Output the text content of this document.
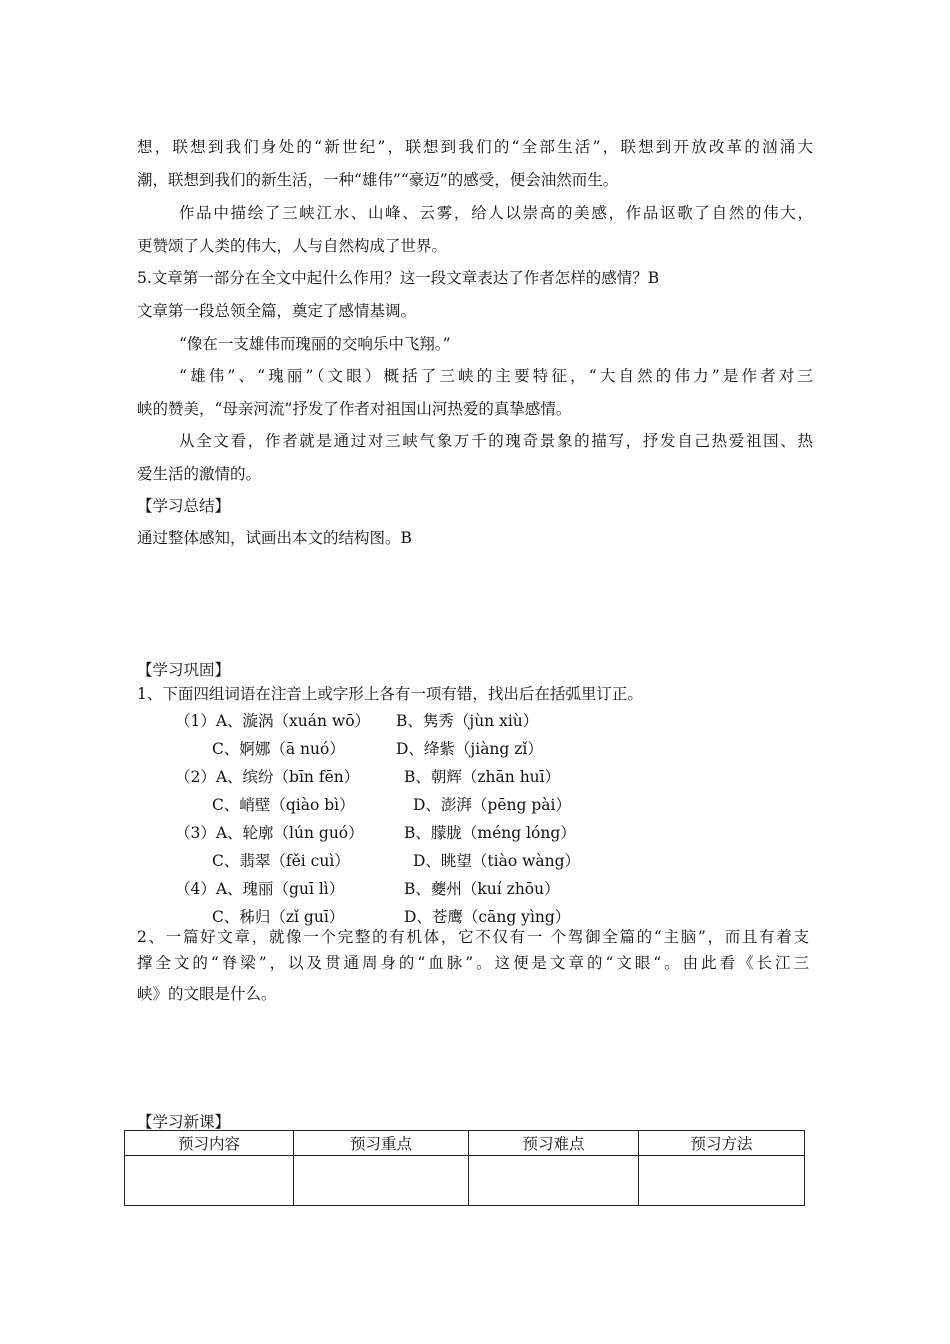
想，联想到我们身处的“新世纪”，联想到我们的“全部生活”，联想到开放改革的汹涌大
潮，联想到我们的新生活，一种“雄伟”“豪迈”的感受，便会油然而生。
作品中描绘了三峡江水、山峰、云雾，给人以崇高的美感，作品讴歌了自然的伟大，
更赞颂了人类的伟大，人与自然构成了世界。
5.文章第一部分在全文中起什么作用？这一段文章表达了作者怎样的感情？B
文章第一段总领全篇，奠定了感情基调。
“像在一支雄伟而瑰丽的交响乐中飞翔。”
“雄伟”、“瑰丽”（文眼）概括了三峡的主要特征，“大自然的伟力”是作者对三
峡的赞美，“母亲河流”抒发了作者对祖国山河热爱的真挚感情。
从全文看，作者就是通过对三峡气象万千的瑰奇景象的描写，抒发自己热爱祖国、热
爱生活的激情的。
【学习总结】
通过整体感知，试画出本文的结构图。B
【学习巩固】
1、下面四组词语在注音上或字形上各有一项有错，找出后在括弧里订正。
（1）A、漩涡（xuán wō） B、隽秀（jùn xiù）
C、婀娜（ā nuó）	D、绛紫（jiàng zǐ）
（2）A、缤纷（bīn fēn）	B、朝辉（zhān huī）
C、峭壁（qiào bì）	D、澎湃（pēng pài）
（3）A、轮廓（lún guó）	B、朦胧（méng lóng）
C、翡翠（fěi cuì）	D、眺望（tiào wàng）
（4）A、瑰丽（guī lì）	B、夔州（kuí zhōu）
C、秭归（zǐ guī）	D、苍鹰（cāng yìng）
2、一篇好文章，就像一个完整的有机体，它不仅有一 个驾御全篇的“主脑”，而且有着支
撑全文的“脊梁”，以及贯通周身的“血脉”。这便是文章的“文眼“。由此看《长江三
峡》的文眼是什么。
【学习新课】
预习内容	预习重点	预习难点	预习方法
